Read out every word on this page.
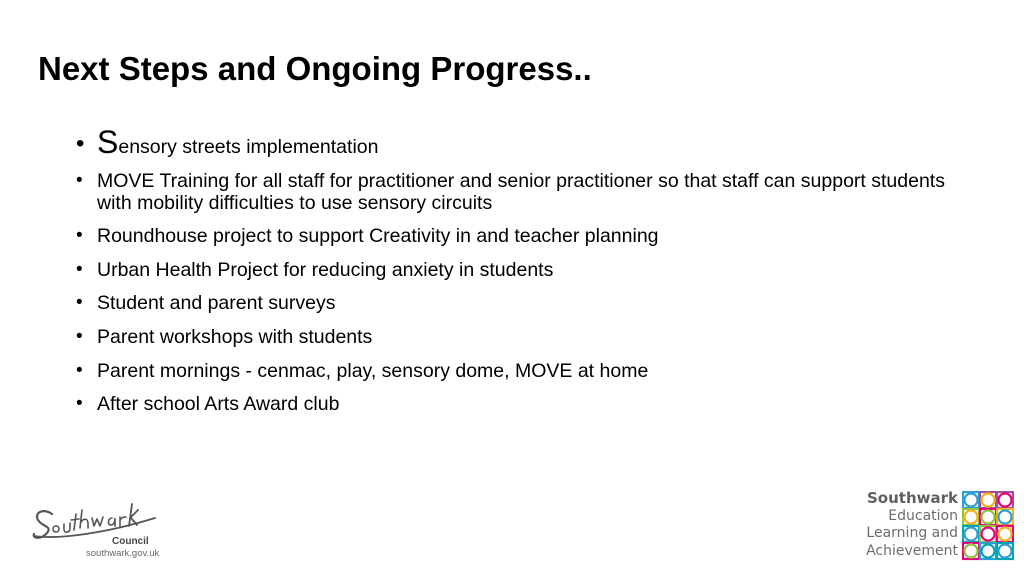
Next Steps and Ongoing Progress..
• Sensory streets implementation
• MOVE Training for all staff for practitioner and senior practitioner so that staff can support students with mobility difficulties to use sensory circuits
• Roundhouse project to support Creativity in and teacher planning
• Urban Health Project for reducing anxiety in students
• Student and parent surveys
• Parent workshops with students
• Parent mornings - cenmac, play, sensory dome, MOVE at home
• After school Arts Award club
Council
southwark.gov.uk
Southwark
Education
Learning and
Achievement
